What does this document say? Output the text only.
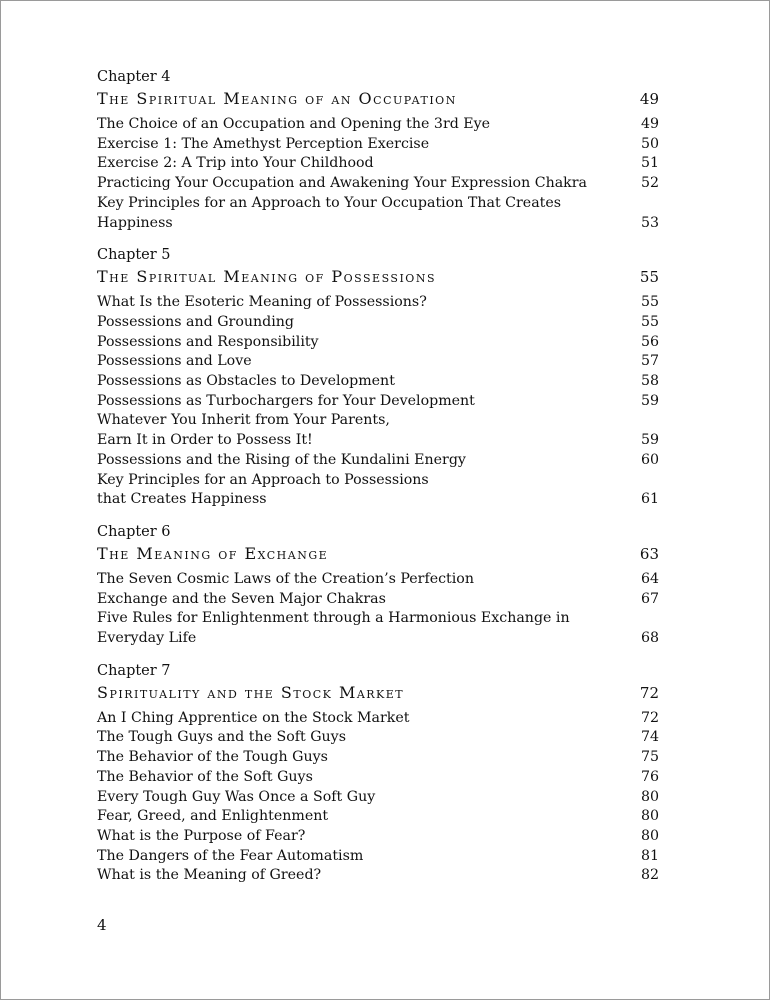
Chapter 4
The Spiritual Meaning of an Occupation	49
The Choice of an Occupation and Opening the 3rd Eye	49
Exercise 1: The Amethyst Perception Exercise	50
Exercise 2: A Trip into Your Childhood	51
Practicing Your Occupation and Awakening Your Expression Chakra	52
Key Principles for an Approach to Your Occupation That Creates
Happiness	53
Chapter 5
The Spiritual Meaning of Possessions	55
What Is the Esoteric Meaning of Possessions?	55
Possessions and Grounding	55
Possessions and Responsibility	56
Possessions and Love	57
Possessions as Obstacles to Development	58
Possessions as Turbochargers for Your Development	59
Whatever You Inherit from Your Parents,
Earn It in Order to Possess It!	59
Possessions and the Rising of the Kundalini Energy	60
Key Principles for an Approach to Possessions
that Creates Happiness	61
Chapter 6
The Meaning of Exchange	63
The Seven Cosmic Laws of the Creation’s Perfection	64
Exchange and the Seven Major Chakras	67
Five Rules for Enlightenment through a Harmonious Exchange in
Everyday Life	68
Chapter 7
Spirituality and the Stock Market	72
An I Ching Apprentice on the Stock Market	72
The Tough Guys and the Soft Guys	74
The Behavior of the Tough Guys	75
The Behavior of the Soft Guys	76
Every Tough Guy Was Once a Soft Guy	80
Fear, Greed, and Enlightenment	80
What is the Purpose of Fear?	80
The Dangers of the Fear Automatism	81
What is the Meaning of Greed?	82
4
